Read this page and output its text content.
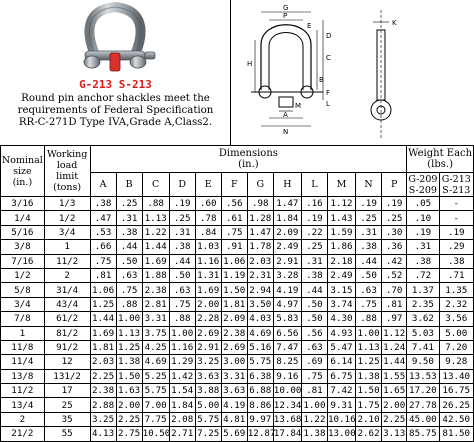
G-213 S-213
Round pin anchor shackles meet the
requirements of Federal Specification
RR-C-271D Type IVA,Grade A,Class2.
G
P
E
D
C
H
B
F
L
M
A
N
K
Nominal
size
(in.)	Working
load
limit
(tons)	Dimensions
(in.)												Weight Each
(lbs.)	
		A	B	C	D	E	F	G	H	L	M	N	P	G-209
S-209	G-213
S-213
3/16	1/3	.38	.25	.88	.19	.60	.56	.98	1.47	.16	1.12	.19	.19	.05	-
1/4	1/2	.47	.31	1.13	.25	.78	.61	1.28	1.84	.19	1.43	.25	.25	.10	-
5/16	3/4	.53	.38	1.22	.31	.84	.75	1.47	2.09	.22	1.59	.31	.30	.19	.19
3/8	1	.66	.44	1.44	.38	1.03	.91	1.78	2.49	.25	1.86	.38	.36	.31	.29
7/16	11/2	.75	.50	1.69	.44	1.16	1.06	2.03	2.91	.31	2.18	.44	.42	.38	.38
1/2	2	.81	.63	1.88	.50	1.31	1.19	2.31	3.28	.38	2.49	.50	.52	.72	.71
5/8	31/4	1.06	.75	2.38	.63	1.69	1.50	2.94	4.19	.44	3.15	.63	.70	1.37	1.35
3/4	43/4	1.25	.88	2.81	.75	2.00	1.81	3.50	4.97	.50	3.74	.75	.81	2.35	2.32
7/8	61/2	1.44	1.00	3.31	.88	2.28	2.09	4.03	5.83	.50	4.30	.88	.97	3.62	3.56
1	81/2	1.69	1.13	3.75	1.00	2.69	2.38	4.69	6.56	.56	4.93	1.00	1.12	5.03	5.00
11/8	91/2	1.81	1.25	4.25	1.16	2.91	2.69	5.16	7.47	.63	5.47	1.13	1.24	7.41	7.20
11/4	12	2.03	1.38	4.69	1.29	3.25	3.00	5.75	8.25	.69	6.14	1.25	1.44	9.50	9.28
13/8	131/2	2.25	1.50	5.25	1.42	3.63	3.31	6.38	9.16	.75	6.75	1.38	1.55	13.53	13.40
11/2	17	2.38	1.63	5.75	1.54	3.88	3.63	6.88	10.00	.81	7.42	1.50	1.65	17.20	16.75
13/4	25	2.88	2.00	7.00	1.84	5.00	4.19	8.86	12.34	1.00	9.31	1.75	2.00	27.78	26.25
2	35	3.25	2.25	7.75	2.08	5.75	4.81	9.97	13.68	1.22	10.16	2.10	2.25	45.00	42.50
21/2	55	4.13	2.75	10.50	2.71	7.25	5.69	12.87	17.84	1.38	13.00	2.62	3.13	85.75	81.50
